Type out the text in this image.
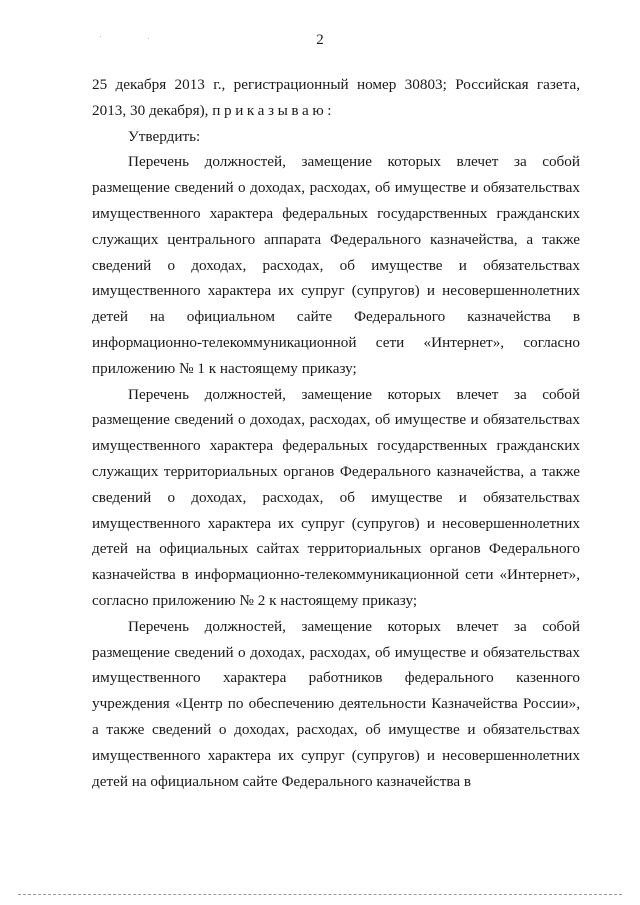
2

25 декабря 2013 г., регистрационный номер 30803; Российская газета, 2013, 30 декабря), приказываю:

Утвердить:

Перечень должностей, замещение которых влечет за собой размещение сведений о доходах, расходах, об имуществе и обязательствах имущественного характера федеральных государственных гражданских служащих центрального аппарата Федерального казначейства, а также сведений о доходах, расходах, об имуществе и обязательствах имущественного характера их супруг (супругов) и несовершеннолетних детей на официальном сайте Федерального казначейства в информационно-телекоммуникационной сети «Интернет», согласно приложению № 1 к настоящему приказу;

Перечень должностей, замещение которых влечет за собой размещение сведений о доходах, расходах, об имуществе и обязательствах имущественного характера федеральных государственных гражданских служащих территориальных органов Федерального казначейства, а также сведений о доходах, расходах, об имуществе и обязательствах имущественного характера их супруг (супругов) и несовершеннолетних детей на официальных сайтах территориальных органов Федерального казначейства в информационно-телекоммуникационной сети «Интернет», согласно приложению № 2 к настоящему приказу;

Перечень должностей, замещение которых влечет за собой размещение сведений о доходах, расходах, об имуществе и обязательствах имущественного характера работников федерального казенного учреждения «Центр по обеспечению деятельности Казначейства России», а также сведений о доходах, расходах, об имуществе и обязательствах имущественного характера их супруг (супругов) и несовершеннолетних детей на официальном сайте Федерального казначейства в
